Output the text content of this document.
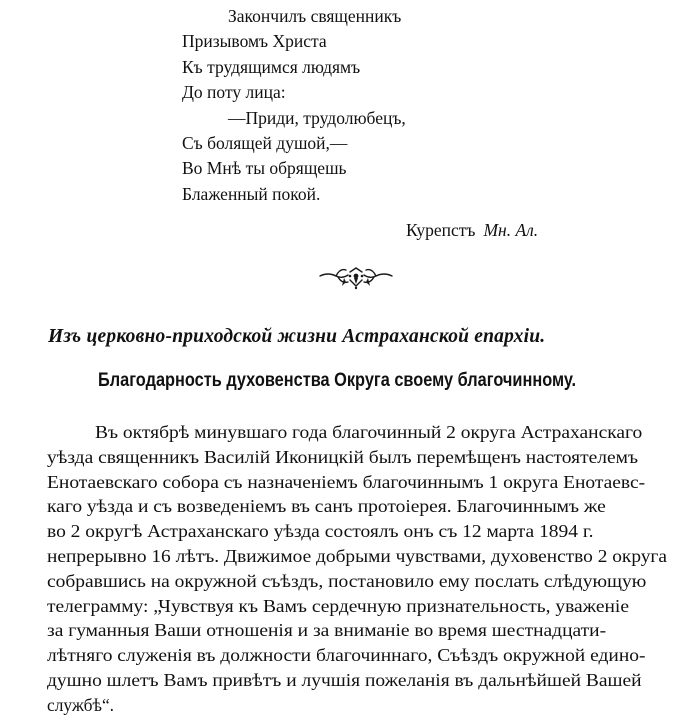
Закончилъ священникъ
Призывомъ Христа
Къ трудящимся людямъ
До поту лица:
—Приди, трудолюбецъ,
Съ болящей душой,—
Во Мнѣ ты обрящешь
Блаженный покой.
Курепстъ Мн. Ал.
Изъ церковно-приходской жизни Астраханской епархіи.
Благодарность духовенства Округа своему благочинному.
Въ октябрѣ минувшаго года благочинный 2 округа Астраханскаго
уѣзда священникъ Василій Иконицкій былъ перемѣщенъ настоятелемъ
Енотаевскаго собора съ назначеніемъ благочиннымъ 1 округа Енотаевс-
каго уѣзда и съ возведеніемъ въ санъ протоіерея. Благочиннымъ же
во 2 округѣ Астраханскаго уѣзда состоялъ онъ съ 12 марта 1894 г.
непрерывно 16 лѣтъ. Движимое добрыми чувствами, духовенство 2 округа
собравшись на окружной съѣздъ, постановило ему послать слѣдующую
телеграмму: „Чувствуя къ Вамъ сердечную признательность, уваженіе
за гуманныя Ваши отношенія и за вниманіе во время шестнадцати-
лѣтняго служенія въ должности благочиннаго, Съѣздъ окружной едино-
душно шлетъ Вамъ привѣтъ и лучшія пожеланія въ дальнѣйшей Вашей
службѣ“.
